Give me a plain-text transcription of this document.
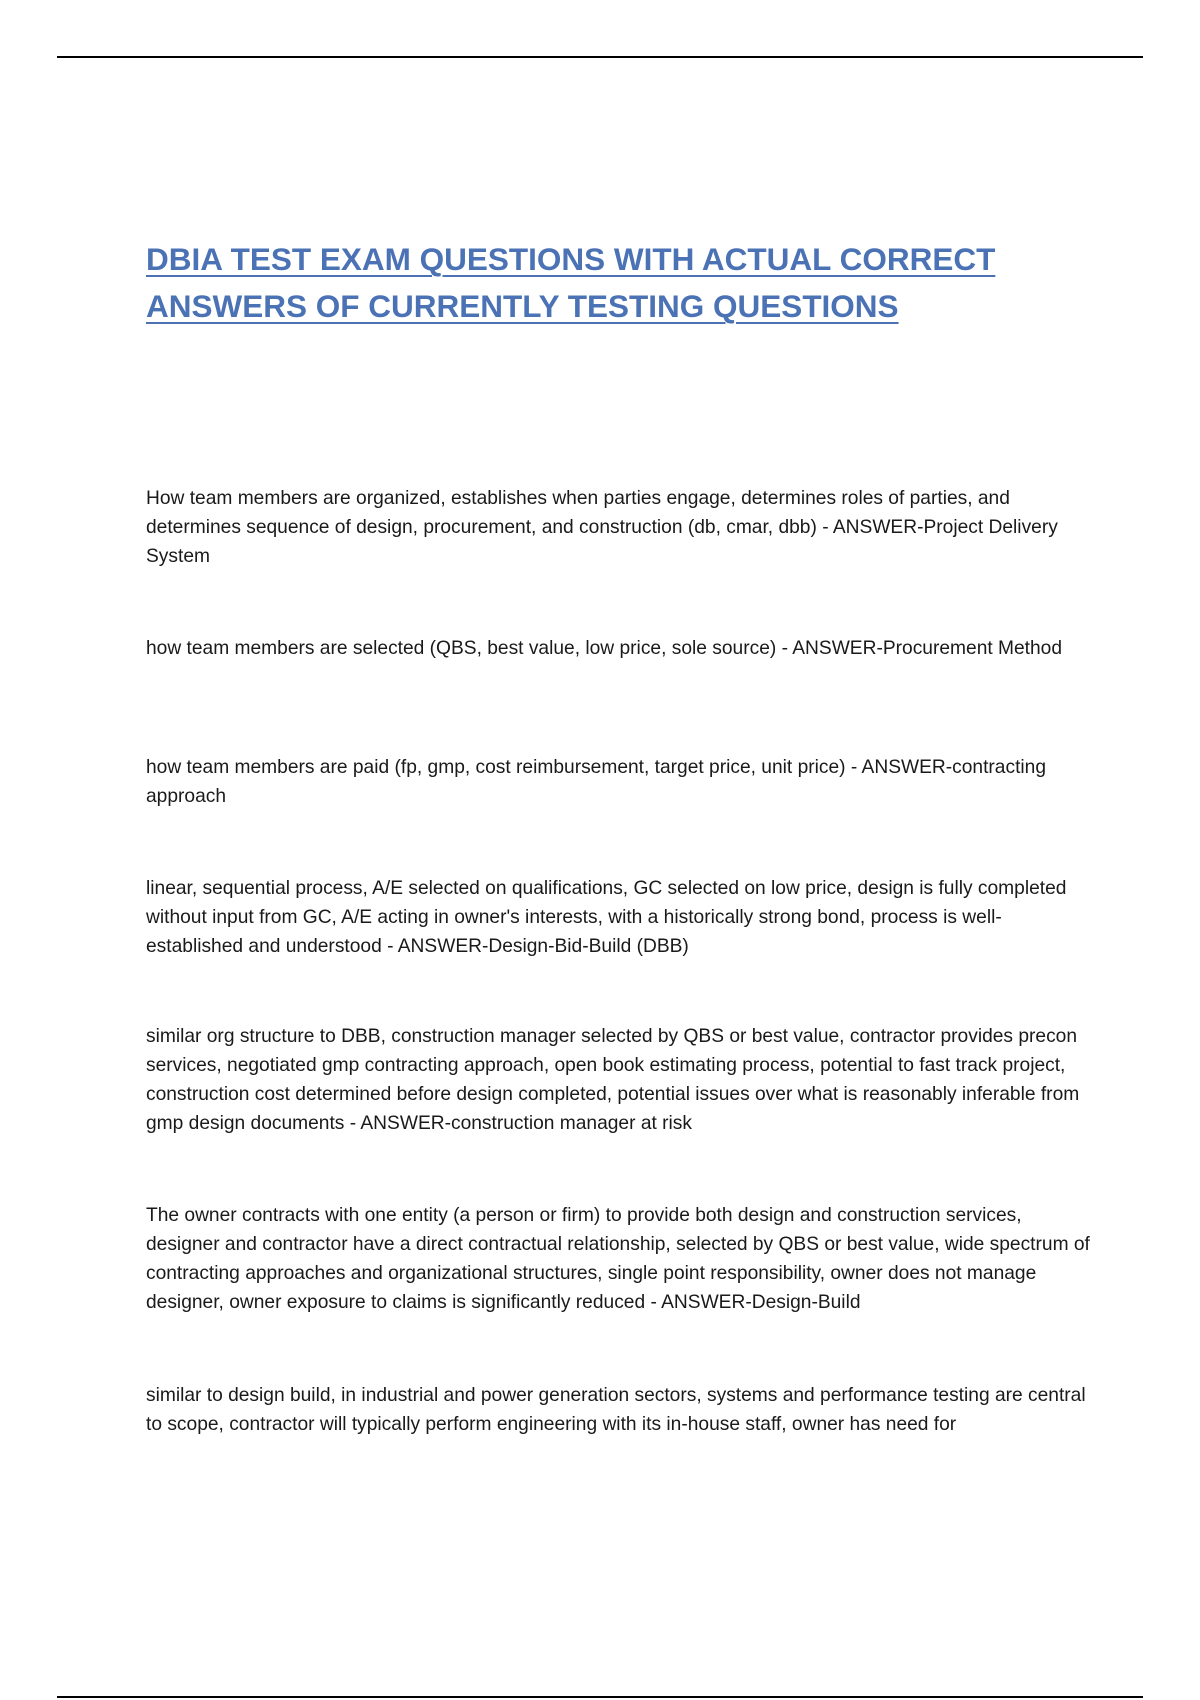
DBIA TEST EXAM QUESTIONS WITH ACTUAL CORRECT ANSWERS OF CURRENTLY TESTING QUESTIONS

How team members are organized, establishes when parties engage, determines roles of parties, and determines sequence of design, procurement, and construction (db, cmar, dbb) - ANSWER-Project Delivery System

how team members are selected (QBS, best value, low price, sole source) - ANSWER-Procurement Method

how team members are paid (fp, gmp, cost reimbursement, target price, unit price) - ANSWER-contracting approach

linear, sequential process, A/E selected on qualifications, GC selected on low price, design is fully completed without input from GC, A/E acting in owner's interests, with a historically strong bond, process is well-established and understood - ANSWER-Design-Bid-Build (DBB)

similar org structure to DBB, construction manager selected by QBS or best value, contractor provides precon services, negotiated gmp contracting approach, open book estimating process, potential to fast track project, construction cost determined before design completed, potential issues over what is reasonably inferable from gmp design documents - ANSWER-construction manager at risk

The owner contracts with one entity (a person or firm) to provide both design and construction services, designer and contractor have a direct contractual relationship, selected by QBS or best value, wide spectrum of contracting approaches and organizational structures, single point responsibility, owner does not manage designer, owner exposure to claims is significantly reduced - ANSWER-Design-Build

similar to design build, in industrial and power generation sectors, systems and performance testing are central to scope, contractor will typically perform engineering with its in-house staff, owner has need for
